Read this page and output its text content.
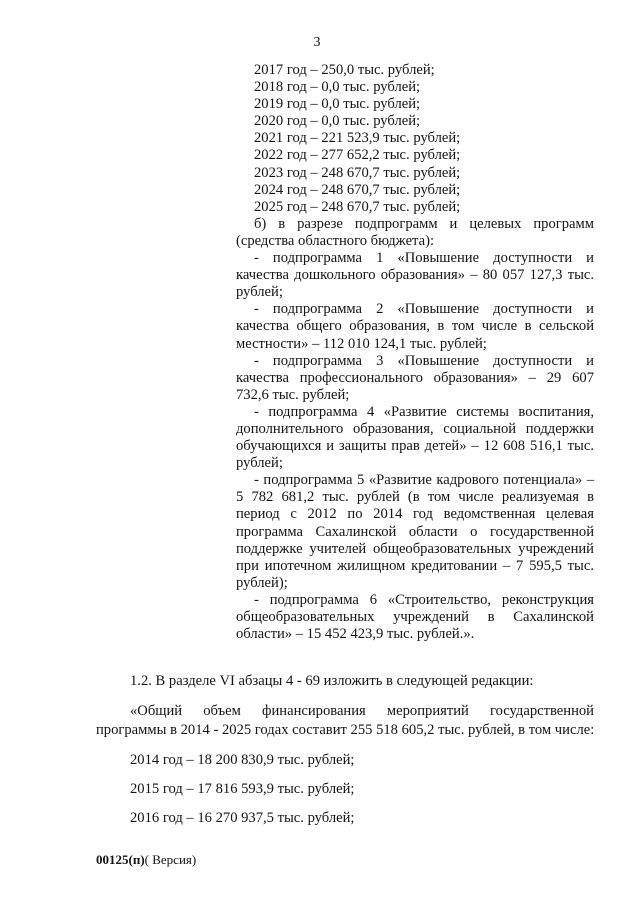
3
2017 год – 250,0 тыс. рублей;
2018 год – 0,0 тыс. рублей;
2019 год – 0,0 тыс. рублей;
2020 год – 0,0 тыс. рублей;
2021 год – 221 523,9 тыс. рублей;
2022 год – 277 652,2 тыс. рублей;
2023 год – 248 670,7 тыс. рублей;
2024 год – 248 670,7 тыс. рублей;
2025 год – 248 670,7 тыс. рублей;

б) в разрезе подпрограмм и целевых программ (средства областного бюджета):

- подпрограмма 1 «Повышение доступности и качества дошкольного образования» – 80 057 127,3 тыс. рублей;

- подпрограмма 2 «Повышение доступности и качества общего образования, в том числе в сельской местности» – 112 010 124,1 тыс. рублей;

- подпрограмма 3 «Повышение доступности и качества профессионального образования» – 29 607 732,6 тыс. рублей;

- подпрограмма 4 «Развитие системы воспитания, дополнительного образования, социальной поддержки обучающихся и защиты прав детей» – 12 608 516,1 тыс. рублей;

- подпрограмма 5 «Развитие кадрового потенциала» – 5 782 681,2 тыс. рублей (в том числе реализуемая в период с 2012 по 2014 год ведомственная целевая программа Сахалинской области о государственной поддержке учителей общеобразовательных учреждений при ипотечном жилищном кредитовании – 7 595,5 тыс. рублей);

- подпрограмма 6 «Строительство, реконструкция общеобразовательных учреждений в Сахалинской области» – 15 452 423,9 тыс. рублей.».

1.2. В разделе VI абзацы 4 - 69 изложить в следующей редакции:
«Общий объем финансирования мероприятий государственной
программы в 2014 - 2025 годах составит 255 518 605,2 тыс. рублей, в том числе:
2014 год – 18 200 830,9 тыс. рублей;
2015 год – 17 816 593,9 тыс. рублей;
2016 год – 16 270 937,5 тыс. рублей;
00125(п)( Версия)
